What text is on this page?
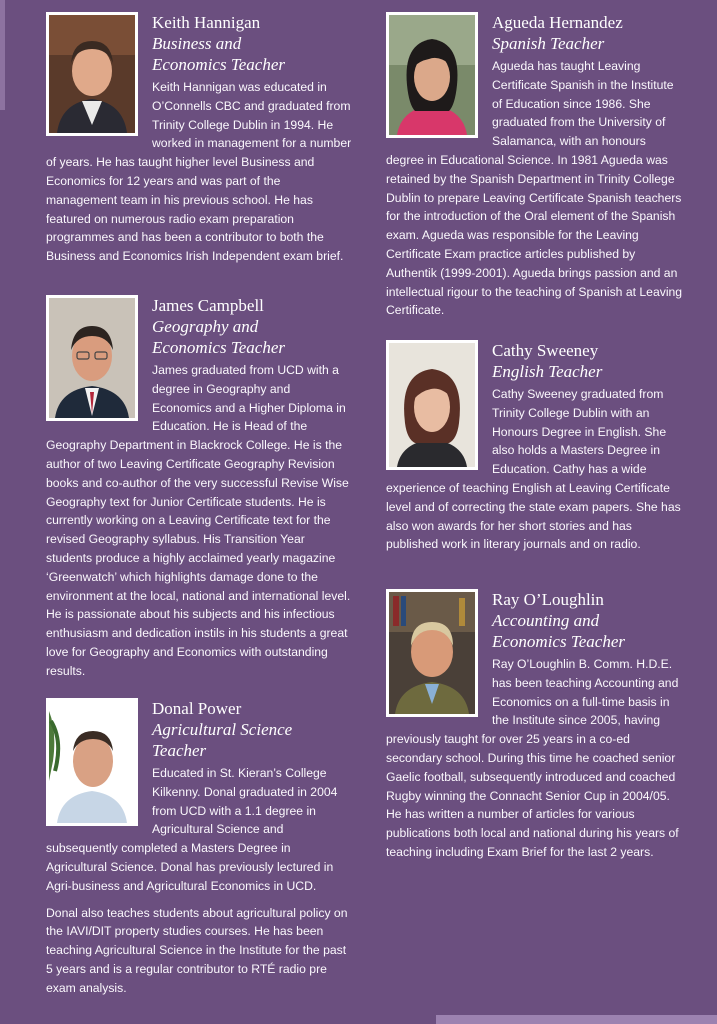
Keith Hannigan

Business and
Economics Teacher

Keith Hannigan was educated in O’Connells CBC and graduated from Trinity College Dublin in 1994. He worked in management for a number of years. He has taught higher level Business and Economics for 12 years and was part of the management team in his previous school. He has featured on numerous radio exam preparation programmes and has been a contributor to both the Business and Economics Irish Independent exam brief.

James Campbell

Geography and
Economics Teacher

James graduated from UCD with a degree in Geography and Economics and a Higher Diploma in Education. He is Head of the Geography Department in Blackrock College. He is the author of two Leaving Certificate Geography Revision books and co-author of the very successful Revise Wise Geography text for Junior Certificate students. He is currently working on a Leaving Certificate text for the revised Geography syllabus. His Transition Year students produce a highly acclaimed yearly magazine ‘Greenwatch’ which highlights damage done to the environment at the local, national and international level. He is passionate about his subjects and his infectious enthusiasm and dedication instils in his students a great love for Geography and Economics with outstanding results.

Donal Power

Agricultural Science
Teacher

Educated in St. Kieran’s College Kilkenny. Donal graduated in 2004 from UCD with a 1.1 degree in Agricultural Science and subsequently completed a Masters Degree in Agricultural Science. Donal has previously lectured in Agri-business and Agricultural Economics in UCD.

Donal also teaches students about agricultural policy on the IAVI/DIT property studies courses. He has been teaching Agricultural Science in the Institute for the past 5 years and is a regular contributor to RTÉ radio pre exam analysis.

Agueda Hernandez

Spanish Teacher

Agueda has taught Leaving Certificate Spanish in the Institute of Education since 1986. She graduated from the University of Salamanca, with an honours degree in Educational Science. In 1981 Agueda was retained by the Spanish Department in Trinity College Dublin to prepare Leaving Certificate Spanish teachers for the introduction of the Oral element of the Spanish exam. Agueda was responsible for the Leaving Certificate Exam practice articles published by Authentik (1999-2001). Agueda brings passion and an intellectual rigour to the teaching of Spanish at Leaving Certificate.

Cathy Sweeney

English Teacher

Cathy Sweeney graduated from Trinity College Dublin with an Honours Degree in English. She also holds a Masters Degree in Education. Cathy has a wide experience of teaching English at Leaving Certificate level and of correcting the state exam papers. She has also won awards for her short stories and has published work in literary journals and on radio.

Ray O’Loughlin

Accounting and
Economics Teacher

Ray O’Loughlin B. Comm. H.D.E. has been teaching Accounting and Economics on a full-time basis in the Institute since 2005, having previously taught for over 25 years in a co-ed secondary school. During this time he coached senior Gaelic football, subsequently introduced and coached Rugby winning the Connacht Senior Cup in 2004/05. He has written a number of articles for various publications both local and national during his years of teaching including Exam Brief for the last 2 years.
